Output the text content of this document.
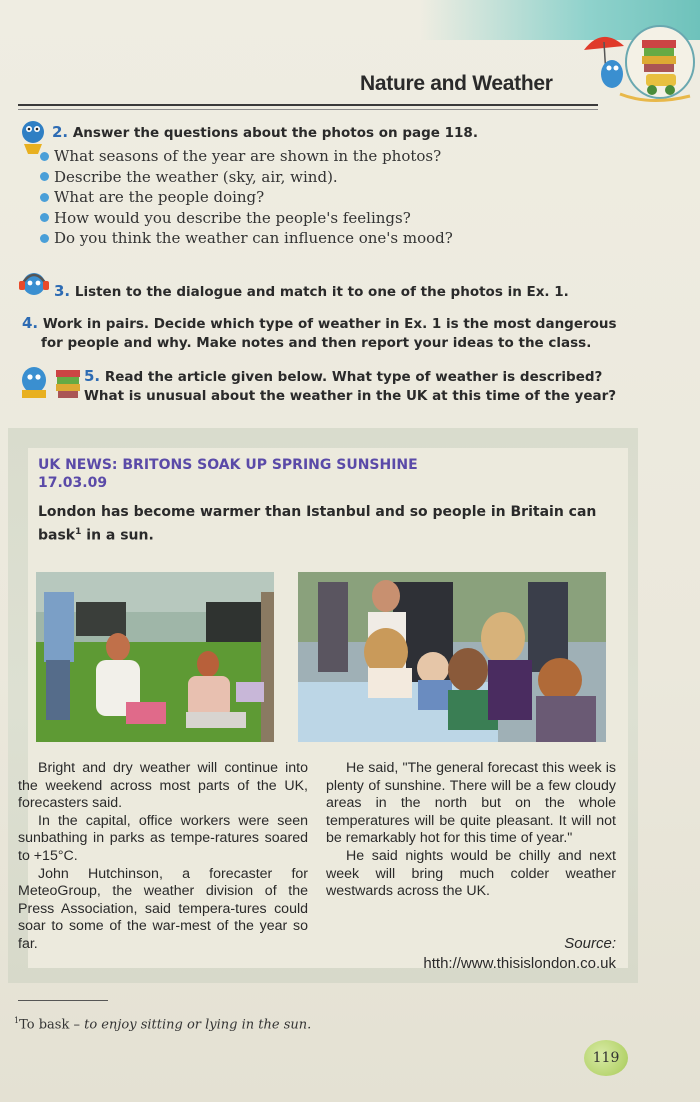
Nature and Weather
2. Answer the questions about the photos on page 118.
What seasons of the year are shown in the photos?
Describe the weather (sky, air, wind).
What are the people doing?
How would you describe the people's feelings?
Do you think the weather can influence one's mood?
3. Listen to the dialogue and match it to one of the photos in Ex. 1.
4. Work in pairs. Decide which type of weather in Ex. 1 is the most dangerous
for people and why. Make notes and then report your ideas to the class.
5. Read the article given below. What type of weather is described?
What is unusual about the weather in the UK at this time of the year?
UK NEWS: BRITONS SOAK UP SPRING SUNSHINE
17.03.09
London has become warmer than Istanbul and so people in Britain can
bask$^1$ in a sun.

Bright and dry weather will continue into the weekend across most parts of the UK, forecasters said.

In the capital, office workers were seen sunbathing in parks as tempe-ratures soared to +15°C.

John Hutchinson, a forecaster for MeteoGroup, the weather division of the Press Association, said tempera-tures could soar to some of the war-mest of the year so far.

He said, "The general forecast this week is plenty of sunshine. There will be a few cloudy areas in the north but on the whole temperatures will be quite pleasant. It will not be remarkably hot for this time of year."

He said nights would be chilly and next week will bring much colder weather westwards across the UK.

Source:
htth://www.thisislondon.co.uk
$^1$To bask – to enjoy sitting or lying in the sun.
119
